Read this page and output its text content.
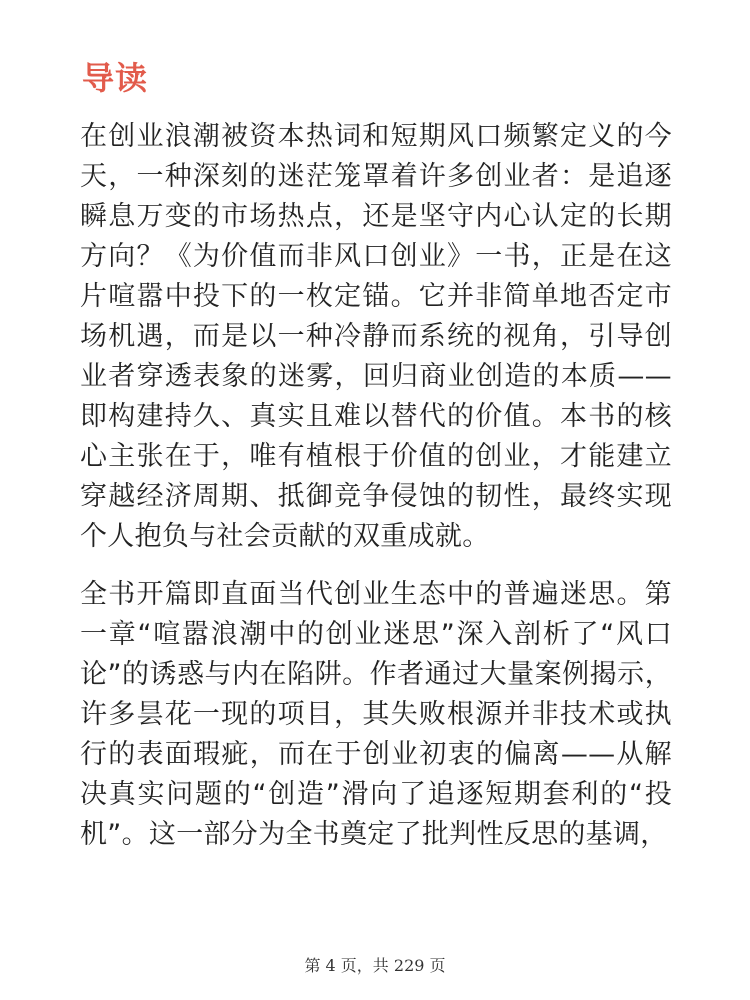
导读

在创业浪潮被资本热词和短期风口频繁定义的今天，一种深刻的迷茫笼罩着许多创业者：是追逐瞬息万变的市场热点，还是坚守内心认定的长期方向？《为价值而非风口创业》一书，正是在这片喧嚣中投下的一枚定锚。它并非简单地否定市场机遇，而是以一种冷静而系统的视角，引导创业者穿透表象的迷雾，回归商业创造的本质——即构建持久、真实且难以替代的价值。本书的核心主张在于，唯有植根于价值的创业，才能建立穿越经济周期、抵御竞争侵蚀的韧性，最终实现个人抱负与社会贡献的双重成就。

全书开篇即直面当代创业生态中的普遍迷思。第一章“喧嚣浪潮中的创业迷思”深入剖析了“风口论”的诱惑与内在陷阱。作者通过大量案例揭示，许多昙花一现的项目，其失败根源并非技术或执行的表面瑕疵，而在于创业初衷的偏离——从解决真实问题的“创造”滑向了追逐短期套利的“投机”。这一部分为全书奠定了批判性反思的基调，

第 4 页，共 229 页
